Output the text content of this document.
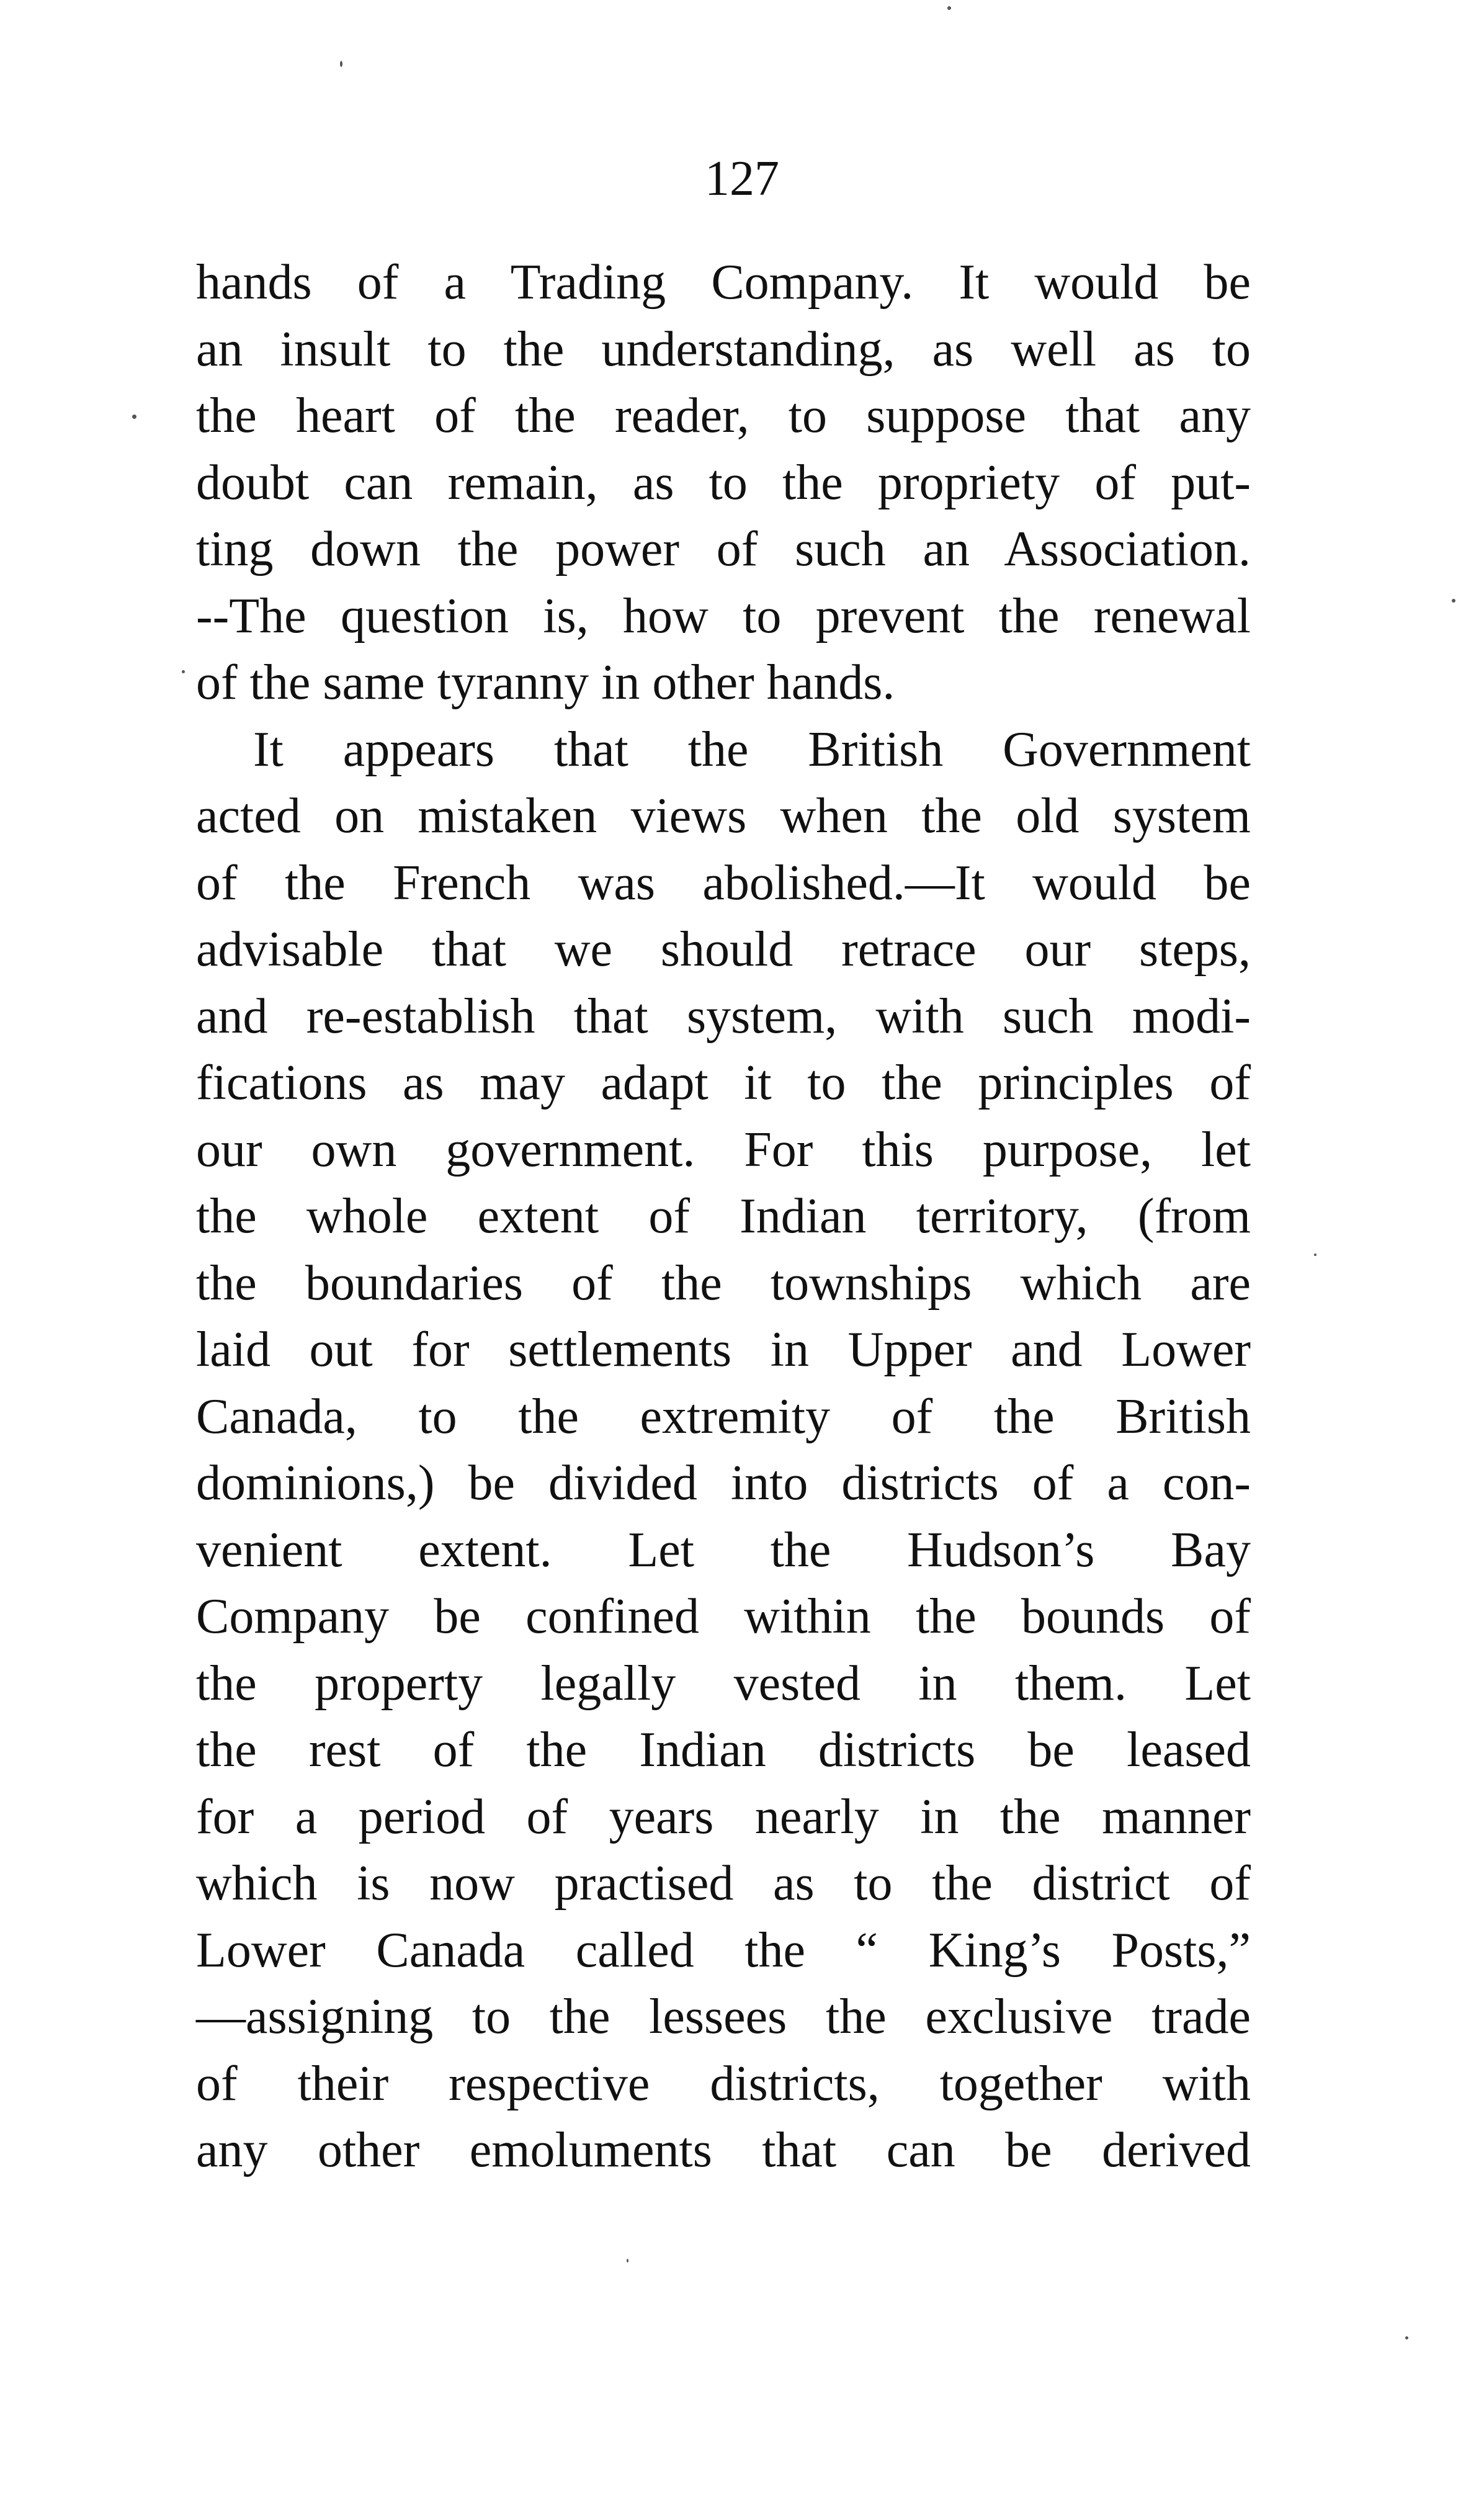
127
hands of a Trading Company. It would be
an insult to the understanding, as well as to
the heart of the reader, to suppose that any
doubt can remain, as to the propriety of put-
ting down the power of such an Association.
--The question is, how to prevent the renewal
of the same tyranny in other hands.
It appears that the British Government
acted on mistaken views when the old system
of the French was abolished.—It would be
advisable that we should retrace our steps,
and re-establish that system, with such modi-
fications as may adapt it to the principles of
our own government. For this purpose, let
the whole extent of Indian territory, (from
the boundaries of the townships which are
laid out for settlements in Upper and Lower
Canada, to the extremity of the British
dominions,) be divided into districts of a con-
venient extent. Let the Hudson’s Bay
Company be confined within the bounds of
the property legally vested in them. Let
the rest of the Indian districts be leased
for a period of years nearly in the manner
which is now practised as to the district of
Lower Canada called the “ King’s Posts,”
—assigning to the lessees the exclusive trade
of their respective districts, together with
any other emoluments that can be derived
